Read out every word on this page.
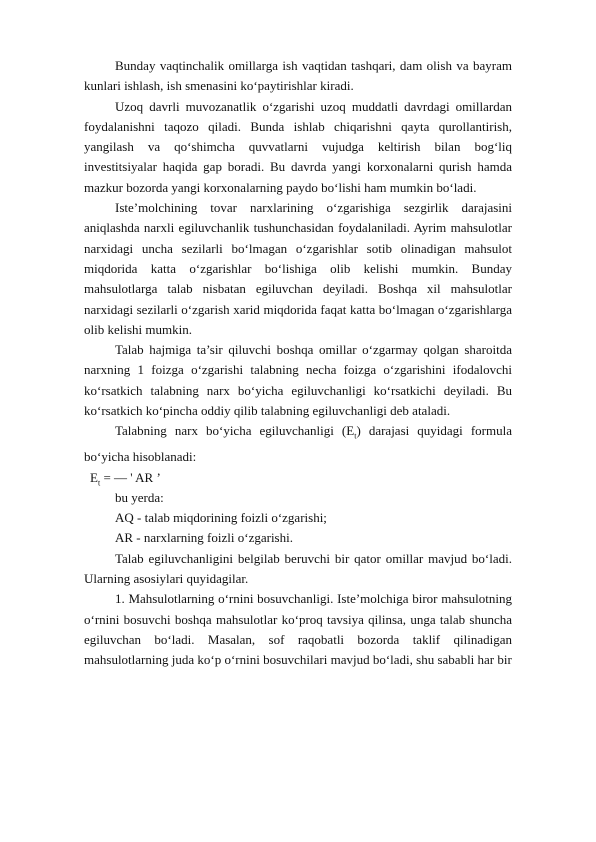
Bunday vaqtinchalik omillarga ish vaqtidan tashqari, dam olish va bayram kunlari ishlash, ish smenasini ko‘paytirishlar kiradi.

Uzoq davrli muvozanatlik o‘zgarishi uzoq muddatli davrdagi omillardan foydalanishni taqozo qiladi. Bunda ishlab chiqarishni qayta qurollantirish, yangilash va qo‘shimcha quvvatlarni vujudga keltirish bilan bog‘liq investitsiyalar haqida gap boradi. Bu davrda yangi korxonalarni qurish hamda mazkur bozorda yangi korxonalarning paydo bo‘lishi ham mumkin bo‘ladi.

Iste’molchining tovar narxlarining o‘zgarishiga sezgirlik darajasini aniqlashda narxli egiluvchanlik tushunchasidan foydalaniladi. Ayrim mahsulotlar narxidagi uncha sezilarli bo‘lmagan o‘zgarishlar sotib olinadigan mahsulot miqdorida katta o‘zgarishlar bo‘lishiga olib kelishi mumkin. Bunday mahsulotlarga talab nisbatan egiluvchan deyiladi. Boshqa xil mahsulotlar narxidagi sezilarli o‘zgarish xarid miqdorida faqat katta bo‘lmagan o‘zgarishlarga olib kelishi mumkin.

Talab hajmiga ta’sir qiluvchi boshqa omillar o‘zgarmay qolgan sharoitda narxning 1 foizga o‘zgarishi talabning necha foizga o‘zgarishini ifodalovchi ko‘rsatkich talabning narx bo‘yicha egiluvchanligi ko‘rsatkichi deyiladi. Bu ko‘rsatkich ko‘pincha oddiy qilib talabning egiluvchanligi deb ataladi.

Talabning narx bo‘yicha egiluvchanligi $(E_t)$ darajasi quyidagi formula bo‘yicha hisoblanadi:

$E_t$ = — ' AR ’

bu yerda:

AQ - talab miqdorining foizli o‘zgarishi;

AR - narxlarning foizli o‘zgarishi.

Talab egiluvchanligini belgilab beruvchi bir qator omillar mavjud bo‘ladi. Ularning asosiylari quyidagilar.

1. Mahsulotlarning o‘rnini bosuvchanligi. Iste’molchiga biror mahsulotning o‘rnini bosuvchi boshqa mahsulotlar ko‘proq tavsiya qilinsa, unga talab shuncha egiluvchan bo‘ladi. Masalan, sof raqobatli bozorda taklif qilinadigan mahsulotlarning juda ko‘p o‘rnini bosuvchilari mavjud bo‘ladi, shu sababli har bir
